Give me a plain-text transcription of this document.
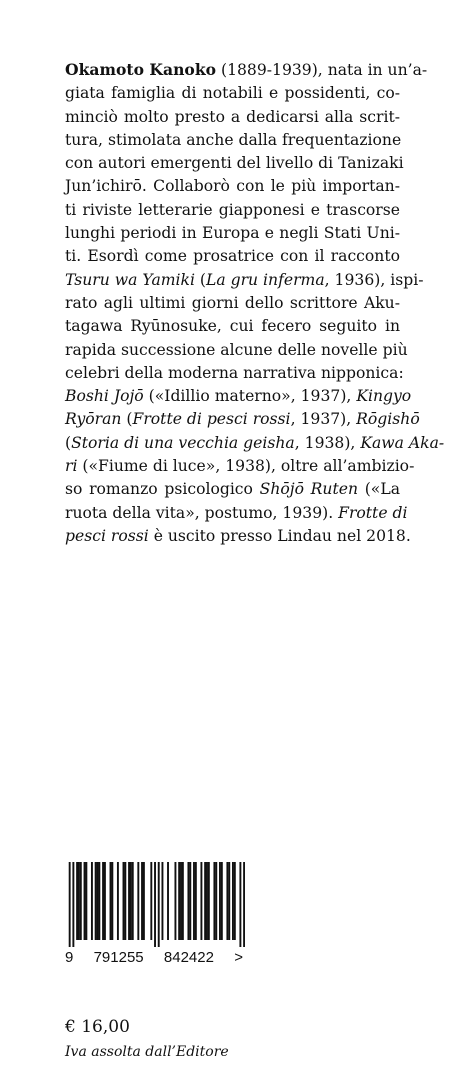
Okamoto Kanoko (1889-1939), nata in un’a-
giata famiglia di notabili e possidenti, co-
minciò molto presto a dedicarsi alla scrit-
tura, stimolata anche dalla frequentazione
con autori emergenti del livello di Tanizaki
Jun’ichirō. Collaborò con le più importan-
ti riviste letterarie giapponesi e trascorse
lunghi periodi in Europa e negli Stati Uni-
ti. Esordì come prosatrice con il racconto
Tsuru wa Yamiki (La gru inferma, 1936), ispi-
rato agli ultimi giorni dello scrittore Aku-
tagawa Ryūnosuke, cui fecero seguito in
rapida successione alcune delle novelle più
celebri della moderna narrativa nipponica:
Boshi Jojō («Idillio materno», 1937), Kingyo
Ryōran (Frotte di pesci rossi, 1937), Rōgishō
(Storia di una vecchia geisha, 1938), Kawa Aka-
ri («Fiume di luce», 1938), oltre all’ambizio-
so romanzo psicologico Shōjō Ruten («La
ruota della vita», postumo, 1939). Frotte di
pesci rossi è uscito presso Lindau nel 2018.
9 791255 842422 >

€ 16,00

Iva assolta dall’Editore
